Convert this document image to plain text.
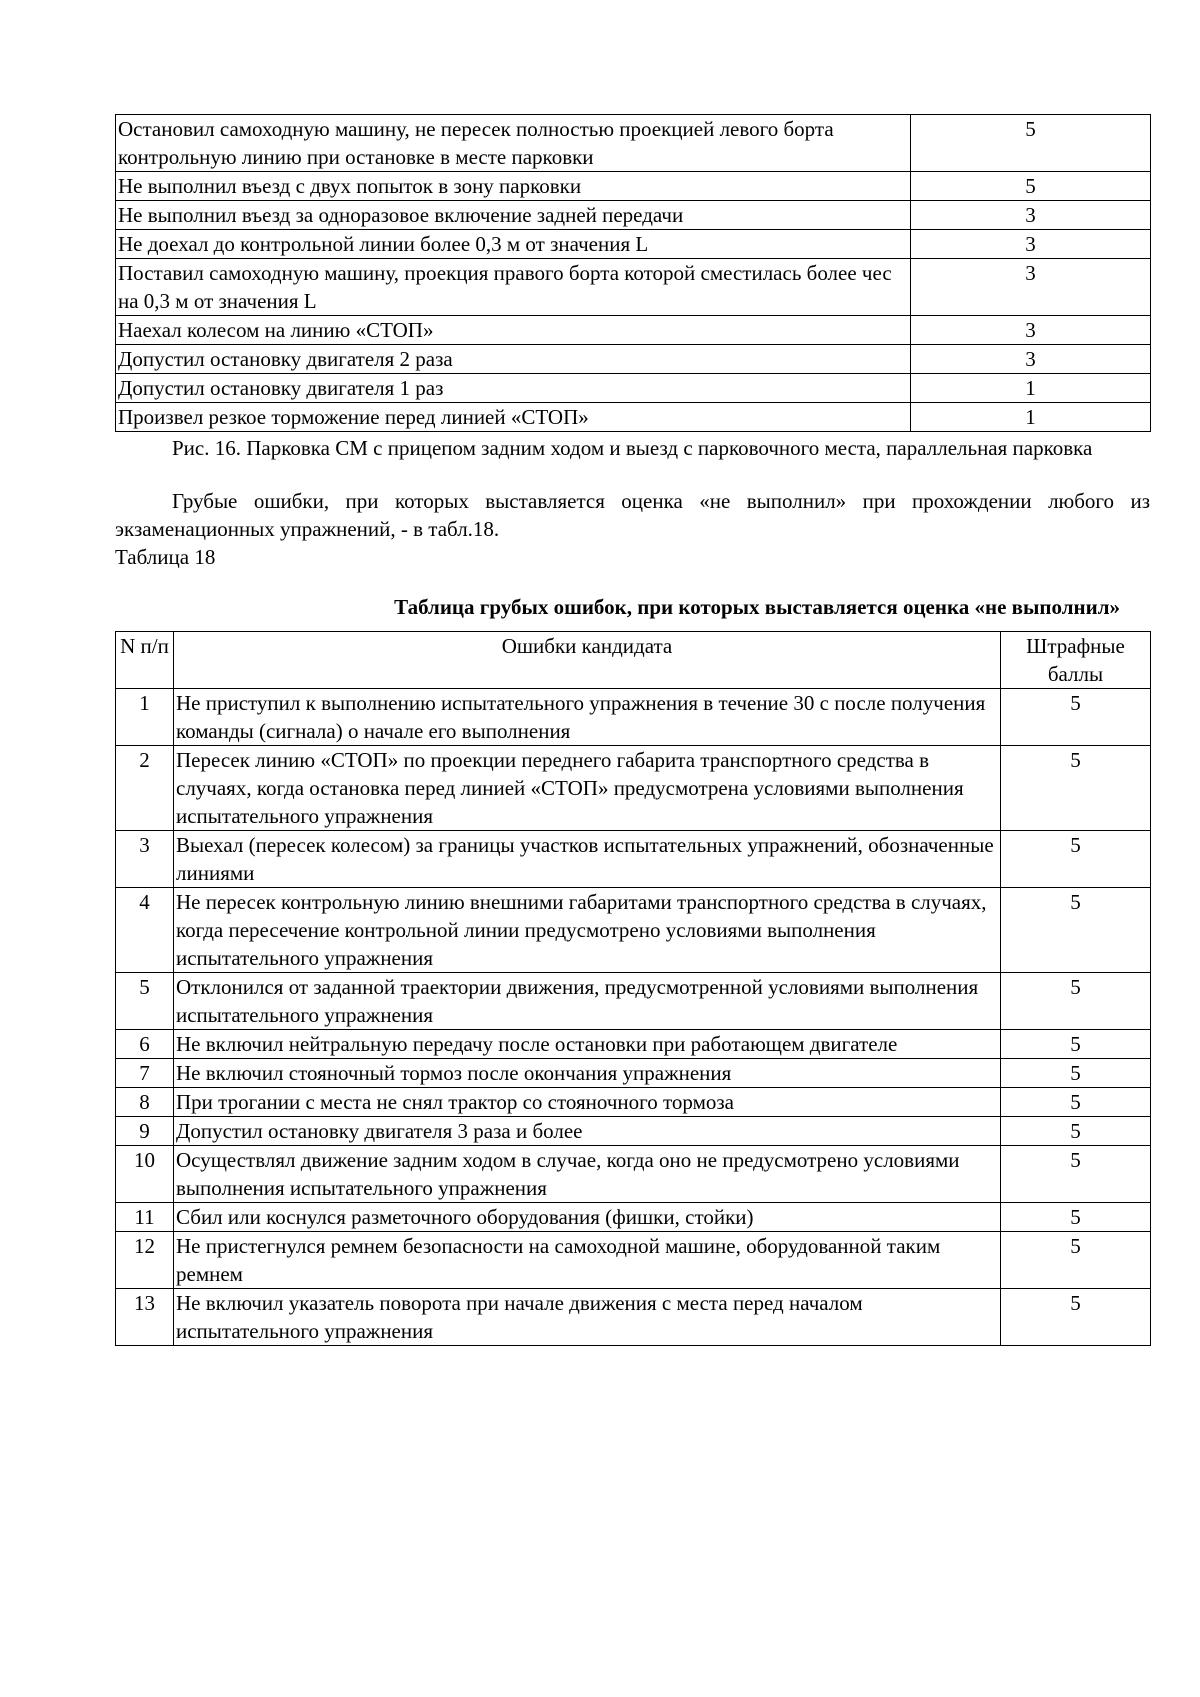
Остановил самоходную машину, не пересек полностью проекцией левого борта контрольную линию при остановке в месте парковки	5
Не выполнил въезд с двух попыток в зону парковки	5
Не выполнил въезд за одноразовое включение задней передачи	3
Не доехал до контрольной линии более 0,3 м от значения L	3
Поставил самоходную машину, проекция правого борта которой сместилась более чес на 0,3 м от значения L	3
Наехал колесом на линию «СТОП»	3
Допустил остановку двигателя 2 раза	3
Допустил остановку двигателя 1 раз	1
Произвел резкое торможение перед линией «СТОП»	1
Рис. 16. Парковка СМ с прицепом задним ходом и выезд с парковочного места, параллельная парковка
Грубые ошибки, при которых выставляется оценка «не выполнил» при прохождении любого из экзаменационных упражнений, - в табл.18.
Таблица 18
Таблица грубых ошибок, при которых выставляется оценка «не выполнил»
N п/п	Ошибки кандидата	Штрафные баллы
1	Не приступил к выполнению испытательного упражнения в течение 30 с после получения команды (сигнала) о начале его выполнения	5
2	Пересек линию «СТОП» по проекции переднего габарита транспортного средства в случаях, когда остановка перед линией «СТОП» предусмотрена условиями выполнения испытательного упражнения	5
3	Выехал (пересек колесом) за границы участков испытательных упражнений, обозначенные линиями	5
4	Не пересек контрольную линию внешними габаритами транспортного средства в случаях, когда пересечение контрольной линии предусмотрено условиями выполнения испытательного упражнения	5
5	Отклонился от заданной траектории движения, предусмотренной условиями выполнения испытательного упражнения	5
6	Не включил нейтральную передачу после остановки при работающем двигателе	5
7	Не включил стояночный тормоз после окончания упражнения	5
8	При трогании с места не снял трактор со стояночного тормоза	5
9	Допустил остановку двигателя 3 раза и более	5
10	Осуществлял движение задним ходом в случае, когда оно не предусмотрено условиями выполнения испытательного упражнения	5
11	Сбил или коснулся разметочного оборудования (фишки, стойки)	5
12	Не пристегнулся ремнем безопасности на самоходной машине, оборудованной таким ремнем	5
13	Не включил указатель поворота при начале движения с места перед началом испытательного упражнения	5
